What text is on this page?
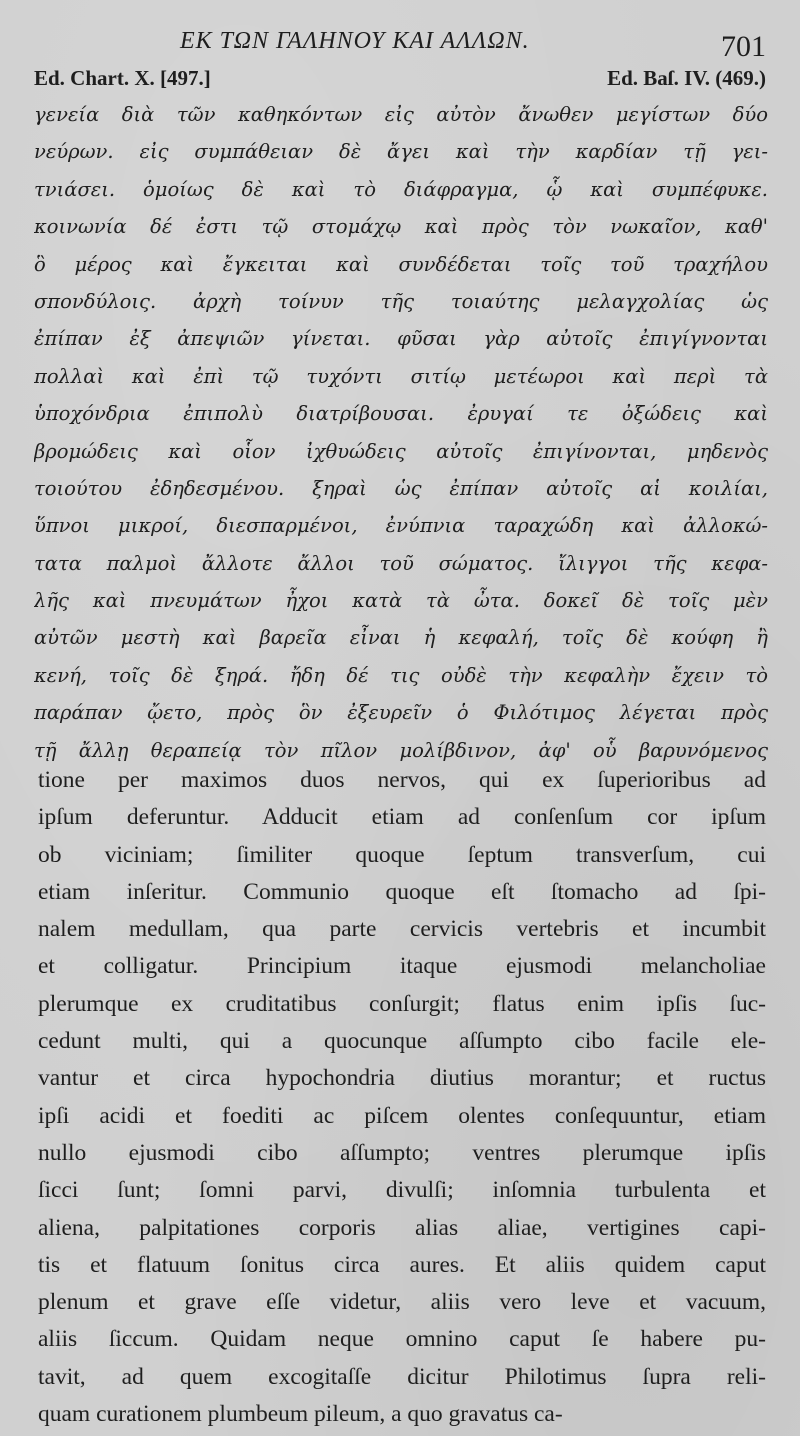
ΕΚ ΤΩΝ ΓΑΛΗΝΟΥ ΚΑΙ ΑΛΛΩΝ.	701
Ed. Chart. X. [497.]	Ed. Baſ. IV. (469.)
γενεία διὰ τῶν καθηκόντων εἰς αὐτὸν ἄνωθεν μεγίστων δύο
νεύρων. εἰς συμπάθειαν δὲ ἄγει καὶ τὴν καρδίαν τῇ γει-
τνιάσει. ὁμοίως δὲ καὶ τὸ διάφραγμα, ᾧ καὶ συμπέφυκε.
κοινωνία δέ ἐστι τῷ στομάχῳ καὶ πρὸς τὸν νωκαῖον, καθ'
ὃ μέρος καὶ ἔγκειται καὶ συνδέδεται τοῖς τοῦ τραχήλου
σπονδύλοις. ἀρχὴ τοίνυν τῆς τοιαύτης μελαγχολίας ὡς
ἐπίπαν ἐξ ἀπεψιῶν γίνεται. φῦσαι γὰρ αὐτοῖς ἐπιγίγνονται
πολλαὶ καὶ ἐπὶ τῷ τυχόντι σιτίῳ μετέωροι καὶ περὶ τὰ
ὑποχόνδρια ἐπιπολὺ διατρίβουσαι. ἐρυγαί τε ὀξώδεις καὶ
βρομώδεις καὶ οἷον ἰχθυώδεις αὐτοῖς ἐπιγίνονται, μηδενὸς
τοιούτου ἐδηδεσμένου. ξηραὶ ὡς ἐπίπαν αὐτοῖς αἱ κοιλίαι,
ὕπνοι μικροί, διεσπαρμένοι, ἐνύπνια ταραχώδη καὶ ἀλλοκώ-
τατα παλμοὶ ἄλλοτε ἄλλοι τοῦ σώματος. ἴλιγγοι τῆς κεφα-
λῆς καὶ πνευμάτων ἦχοι κατὰ τὰ ὦτα. δοκεῖ δὲ τοῖς μὲν
αὐτῶν μεστὴ καὶ βαρεῖα εἶναι ἡ κεφαλή, τοῖς δὲ κούφη ἢ
κενή, τοῖς δὲ ξηρά. ἤδη δέ τις οὐδὲ τὴν κεφαλὴν ἔχειν τὸ
παράπαν ᾤετο, πρὸς ὃν ἐξευρεῖν ὁ Φιλότιμος λέγεται πρὸς
τῇ ἄλλῃ θεραπείᾳ τὸν πῖλον μολίβδινον, ἀφ' οὗ βαρυνόμενος
tione per maximos duos nervos, qui ex ſuperioribus ad
ipſum deferuntur. Adducit etiam ad conſenſum cor ipſum
ob viciniam; ſimiliter quoque ſeptum transverſum, cui
etiam inſeritur. Communio quoque eſt ſtomacho ad ſpi-
nalem medullam, qua parte cervicis vertebris et incumbit
et colligatur. Principium itaque ejusmodi melancholiae
plerumque ex cruditatibus conſurgit; flatus enim ipſis ſuc-
cedunt multi, qui a quocunque aſſumpto cibo facile ele-
vantur et circa hypochondria diutius morantur; et ructus
ipſi acidi et foediti ac piſcem olentes conſequuntur, etiam
nullo ejusmodi cibo aſſumpto; ventres plerumque ipſis
ſicci ſunt; ſomni parvi, divulſi; inſomnia turbulenta et
aliena, palpitationes corporis alias aliae, vertigines capi-
tis et flatuum ſonitus circa aures. Et aliis quidem caput
plenum et grave eſſe videtur, aliis vero leve et vacuum,
aliis ſiccum. Quidam neque omnino caput ſe habere pu-
tavit, ad quem excogitaſſe dicitur Philotimus ſupra reli-
quam curationem plumbeum pileum, a quo gravatus ca-
